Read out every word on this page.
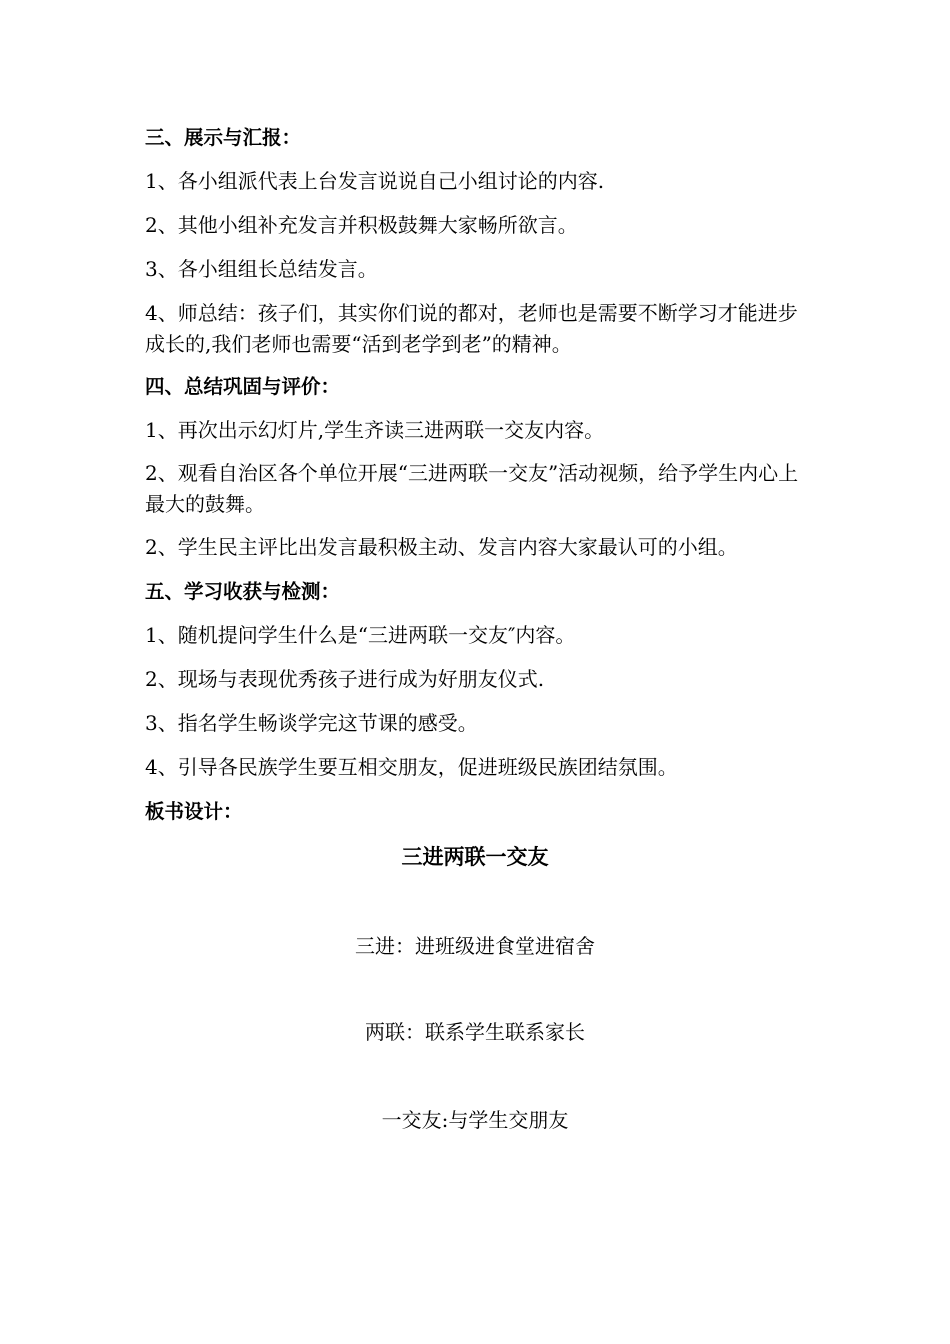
三、展示与汇报：
1、各小组派代表上台发言说说自己小组讨论的内容.
2、其他小组补充发言并积极鼓舞大家畅所欲言。
3、各小组组长总结发言。
4、师总结：孩子们，其实你们说的都对，老师也是需要不断学习才能进步成长的,我们老师也需要“活到老学到老”的精神。
四、总结巩固与评价：
1、再次出示幻灯片,学生齐读三进两联一交友内容。
2、观看自治区各个单位开展“三进两联一交友”活动视频，给予学生内心上最大的鼓舞。
2、学生民主评比出发言最积极主动、发言内容大家最认可的小组。
五、学习收获与检测：
1、随机提问学生什么是“三进两联一交友″内容。
2、现场与表现优秀孩子进行成为好朋友仪式.
3、指名学生畅谈学完这节课的感受。
4、引导各民族学生要互相交朋友，促进班级民族团结氛围。
板书设计：
三进两联一交友
三进：进班级进食堂进宿舍
两联：联系学生联系家长
一交友:与学生交朋友
